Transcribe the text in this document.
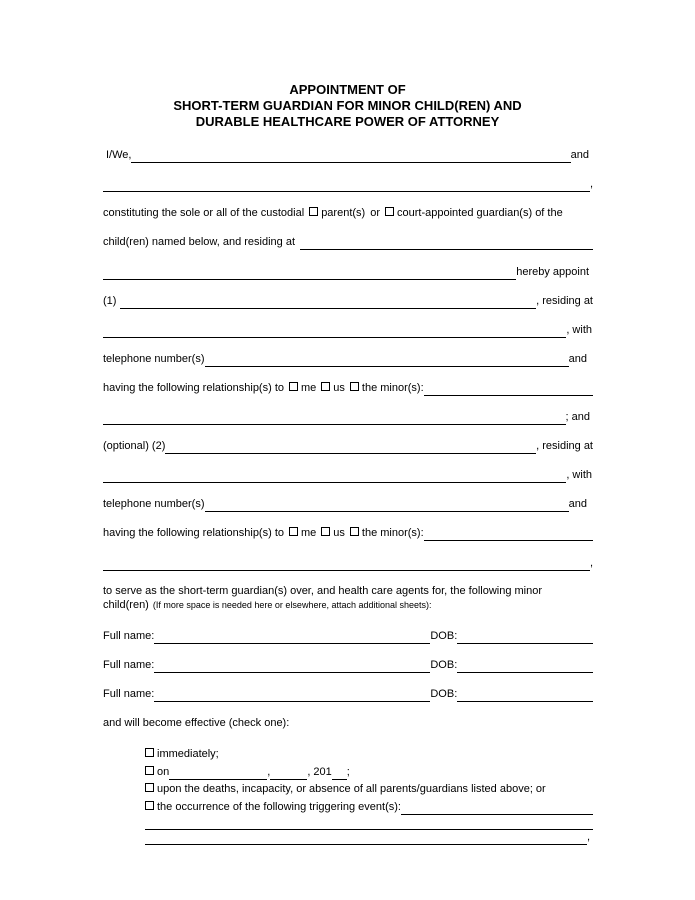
APPOINTMENT OF
SHORT-TERM GUARDIAN FOR MINOR CHILD(REN) AND
DURABLE HEALTHCARE POWER OF ATTORNEY
I/We,	and
,
constituting the sole or all of the custodial parent(s) or court-appointed guardian(s) of the
child(ren) named below, and residing at
hereby appoint
(1)	, residing at
, with
telephone number(s)	and
having the following relationship(s) to me us the minor(s):
; and
(optional) (2)	, residing at
, with
telephone number(s)	and
having the following relationship(s) to me us the minor(s):
,
to serve as the short-term guardian(s) over, and health care agents for, the following minor
child(ren) (If more space is needed here or elsewhere, attach additional sheets):
Full name:	DOB:
Full name:	DOB:
Full name:	DOB:
and will become effective (check one):
immediately;
on	,	, 201 ;
upon the deaths, incapacity, or absence of all parents/guardians listed above; or
the occurrence of the following triggering event(s):
,
